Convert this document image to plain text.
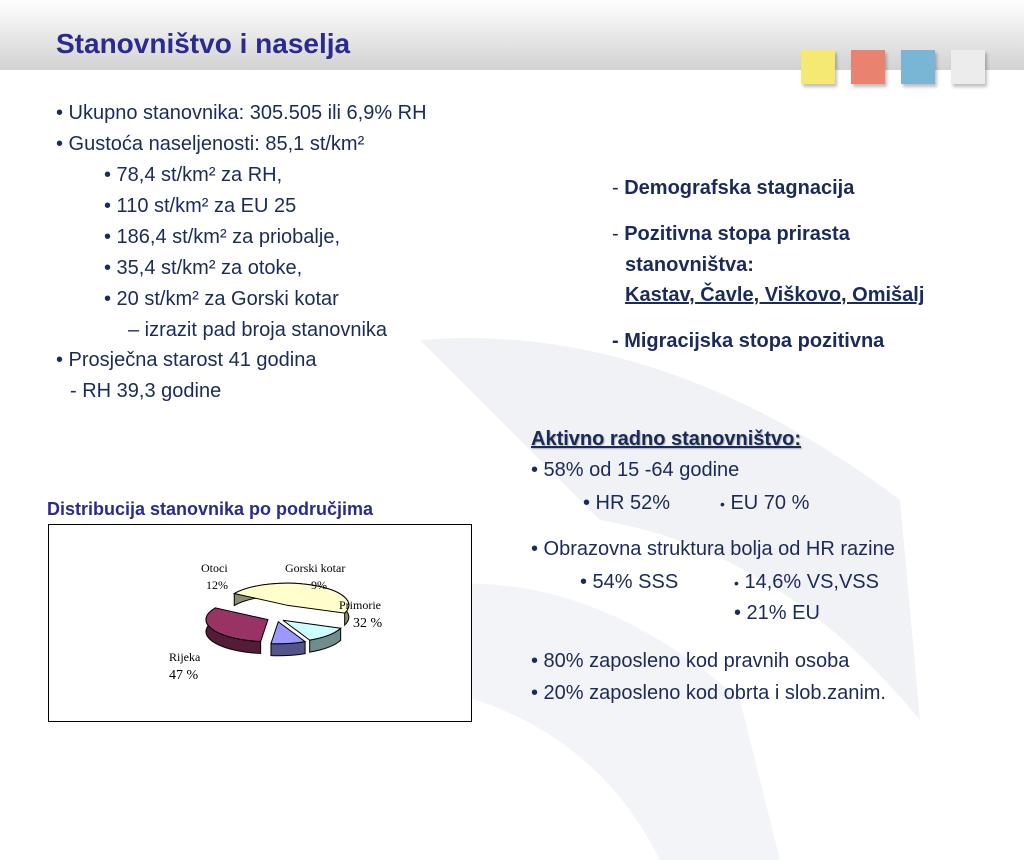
Stanovništvo i naselja
• Ukupno stanovnika: 305.505 ili 6,9% RH
• Gustoća naseljenosti: 85,1 st/km²
• 78,4 st/km² za RH,
• 110 st/km² za EU 25
• 186,4 st/km² za priobalje,
• 35,4 st/km² za otoke,
• 20 st/km² za Gorski kotar
– izrazit pad broja stanovnika
• Prosječna starost 41 godina
- RH 39,3 godine
- Demografska stagnacija
- Pozitivna stopa prirasta
stanovništva:
Kastav, Čavle, Viškovo, Omišalj
- Migracijska stopa pozitivna
Aktivno radno stanovništvo:
• 58% od 15 -64 godine
• HR 52%	• EU 70 %
• Obrazovna struktura bolja od HR razine
• 54% SSS	• 14,6% VS,VSS
• 21% EU
• 80% zaposleno kod pravnih osoba
• 20% zaposleno kod obrta i slob.zanim.
Distribucija stanovnika po područjima
Otoci
12%
Gorski kotar
9%
Primorie
32 %
Rijeka
47 %
